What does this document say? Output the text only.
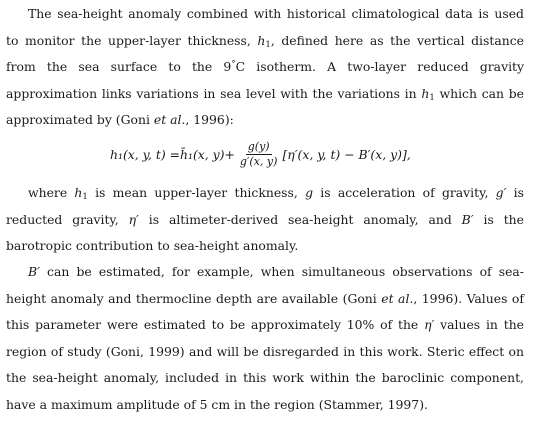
The sea-height anomaly combined with historical climatological data is used to monitor the upper-layer thickness, $h_1$, defined here as the vertical distance from the sea surface to the 9°C isotherm. A two-layer reduced gravity approximation links variations in sea level with the variations in $h_1$ which can be approximated by (Goni et al., 1996):

h₁(x, y, t) = h̄₁(x, $y) + \frac{g(y)}{g'(x, y)} [\eta'(x$, y, t) − B′(x, y)],

where $h_1$ is mean upper-layer thickness, g is acceleration of gravity, g′ is reducted gravity, η′ is altimeter-derived sea-height anomaly, and B′ is the barotropic contribution to sea-height anomaly.

B′ can be estimated, for example, when simultaneous observations of sea-height anomaly and thermocline depth are available (Goni et al., 1996). Values of this parameter were estimated to be approximately 10% of the η′ values in the region of study (Goni, 1999) and will be disregarded in this work. Steric effect on the sea-height anomaly, included in this work within the baroclinic component, have a maximum amplitude of 5 cm in the region (Stammer, 1997).
